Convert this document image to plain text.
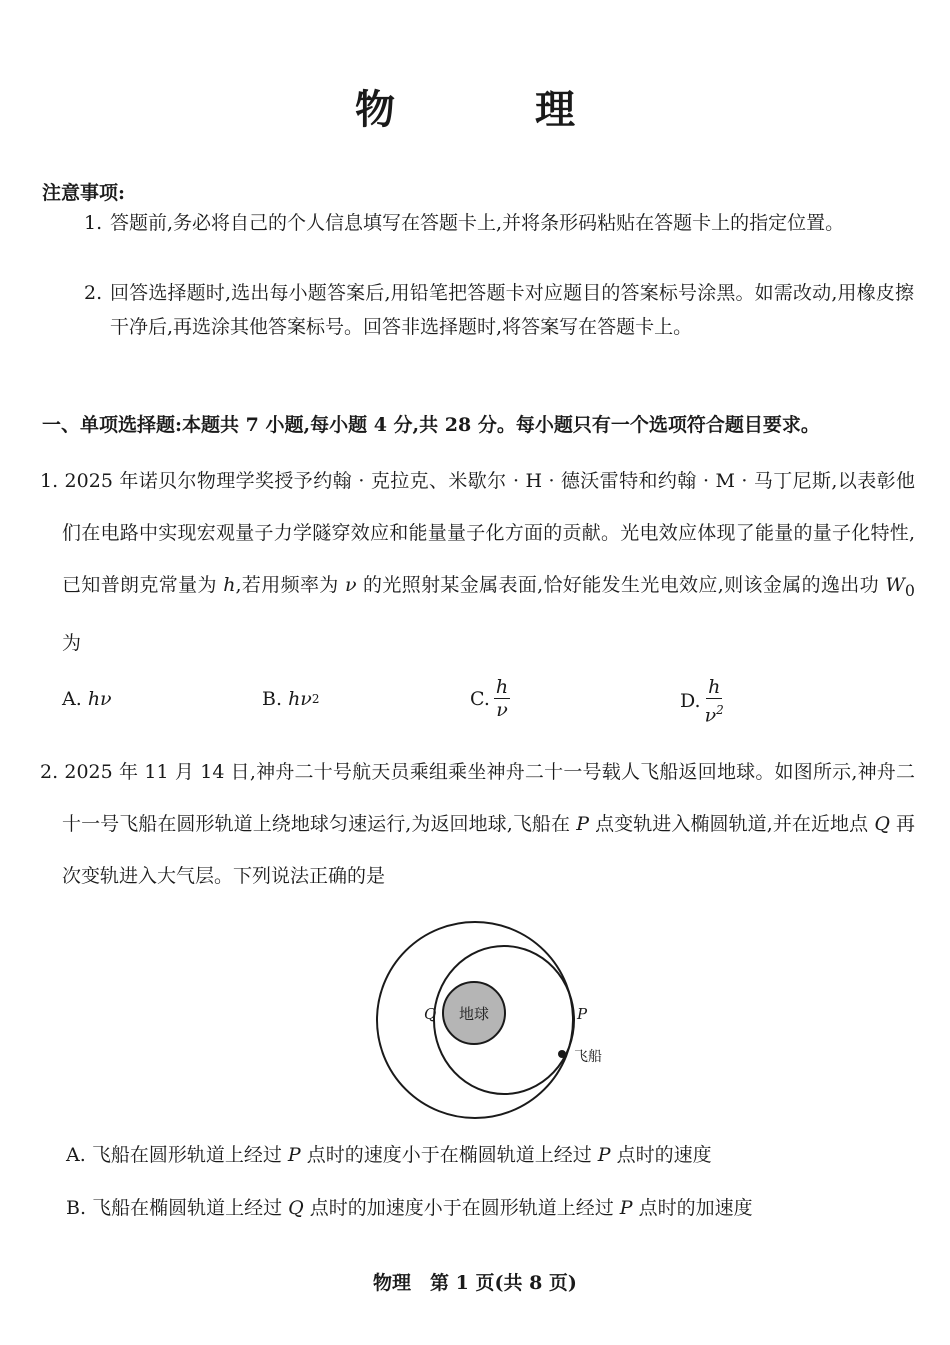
物　理
注意事项:
1. 答题前,务必将自己的个人信息填写在答题卡上,并将条形码粘贴在答题卡上的指定位置。
2. 回答选择题时,选出每小题答案后,用铅笔把答题卡对应题目的答案标号涂黑。如需改动,用橡皮擦干净后,再选涂其他答案标号。回答非选择题时,将答案写在答题卡上。
一、单项选择题:本题共 7 小题,每小题 4 分,共 28 分。每小题只有一个选项符合题目要求。
1. 2025 年诺贝尔物理学奖授予约翰 · 克拉克、米歇尔 · H · 德沃雷特和约翰 · M · 马丁尼斯,以表彰他们在电路中实现宏观量子力学隧穿效应和能量量子化方面的贡献。光电效应体现了能量的量子化特性,已知普朗克常量为 h,若用频率为 ν 的光照射某金属表面,恰好能发生光电效应,则该金属的逸出功 $W_0$为
A.
hν	B.
hν 2	C. $\frac{h}{\nu}$	D. $\frac{h}{\nu^2}$
2. 2025 年 11 月 14 日,神舟二十号航天员乘组乘坐神舟二十一号载人飞船返回地球。如图所示,神舟二十一号飞船在圆形轨道上绕地球匀速运行,为返回地球,飞船在 P 点变轨进入椭圆轨道,并在近地点 Q 再次变轨进入大气层。下列说法正确的是
地球
Q	P
飞船
A. 飞船在圆形轨道上经过 P 点时的速度小于在椭圆轨道上经过 P 点时的速度
B. 飞船在椭圆轨道上经过 Q 点时的加速度小于在圆形轨道上经过 P 点时的加速度
物理　第 1 页(共 8 页)
